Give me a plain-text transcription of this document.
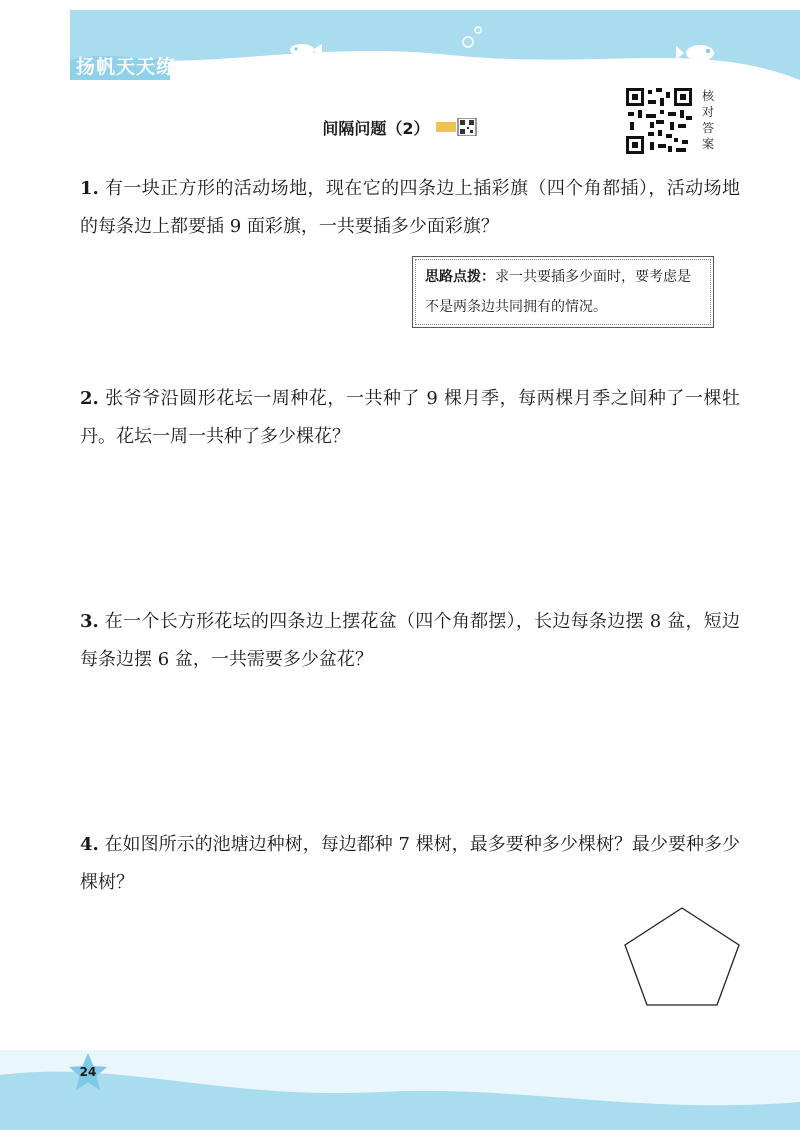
扬帆天天练
间隔问题（2）
核对答案
1. 有一块正方形的活动场地，现在它的四条边上插彩旗（四个角都插），活动场地的每条边上都要插 9 面彩旗，一共要插多少面彩旗？
思路点拨：求一共要插多少面时，要考虑是不是两条边共同拥有的情况。
2. 张爷爷沿圆形花坛一周种花，一共种了 9 棵月季，每两棵月季之间种了一棵牡丹。花坛一周一共种了多少棵花？
3. 在一个长方形花坛的四条边上摆花盆（四个角都摆），长边每条边摆 8 盆，短边每条边摆 6 盆，一共需要多少盆花？
4. 在如图所示的池塘边种树，每边都种 7 棵树，最多要种多少棵树？最少要种多少棵树？
24
